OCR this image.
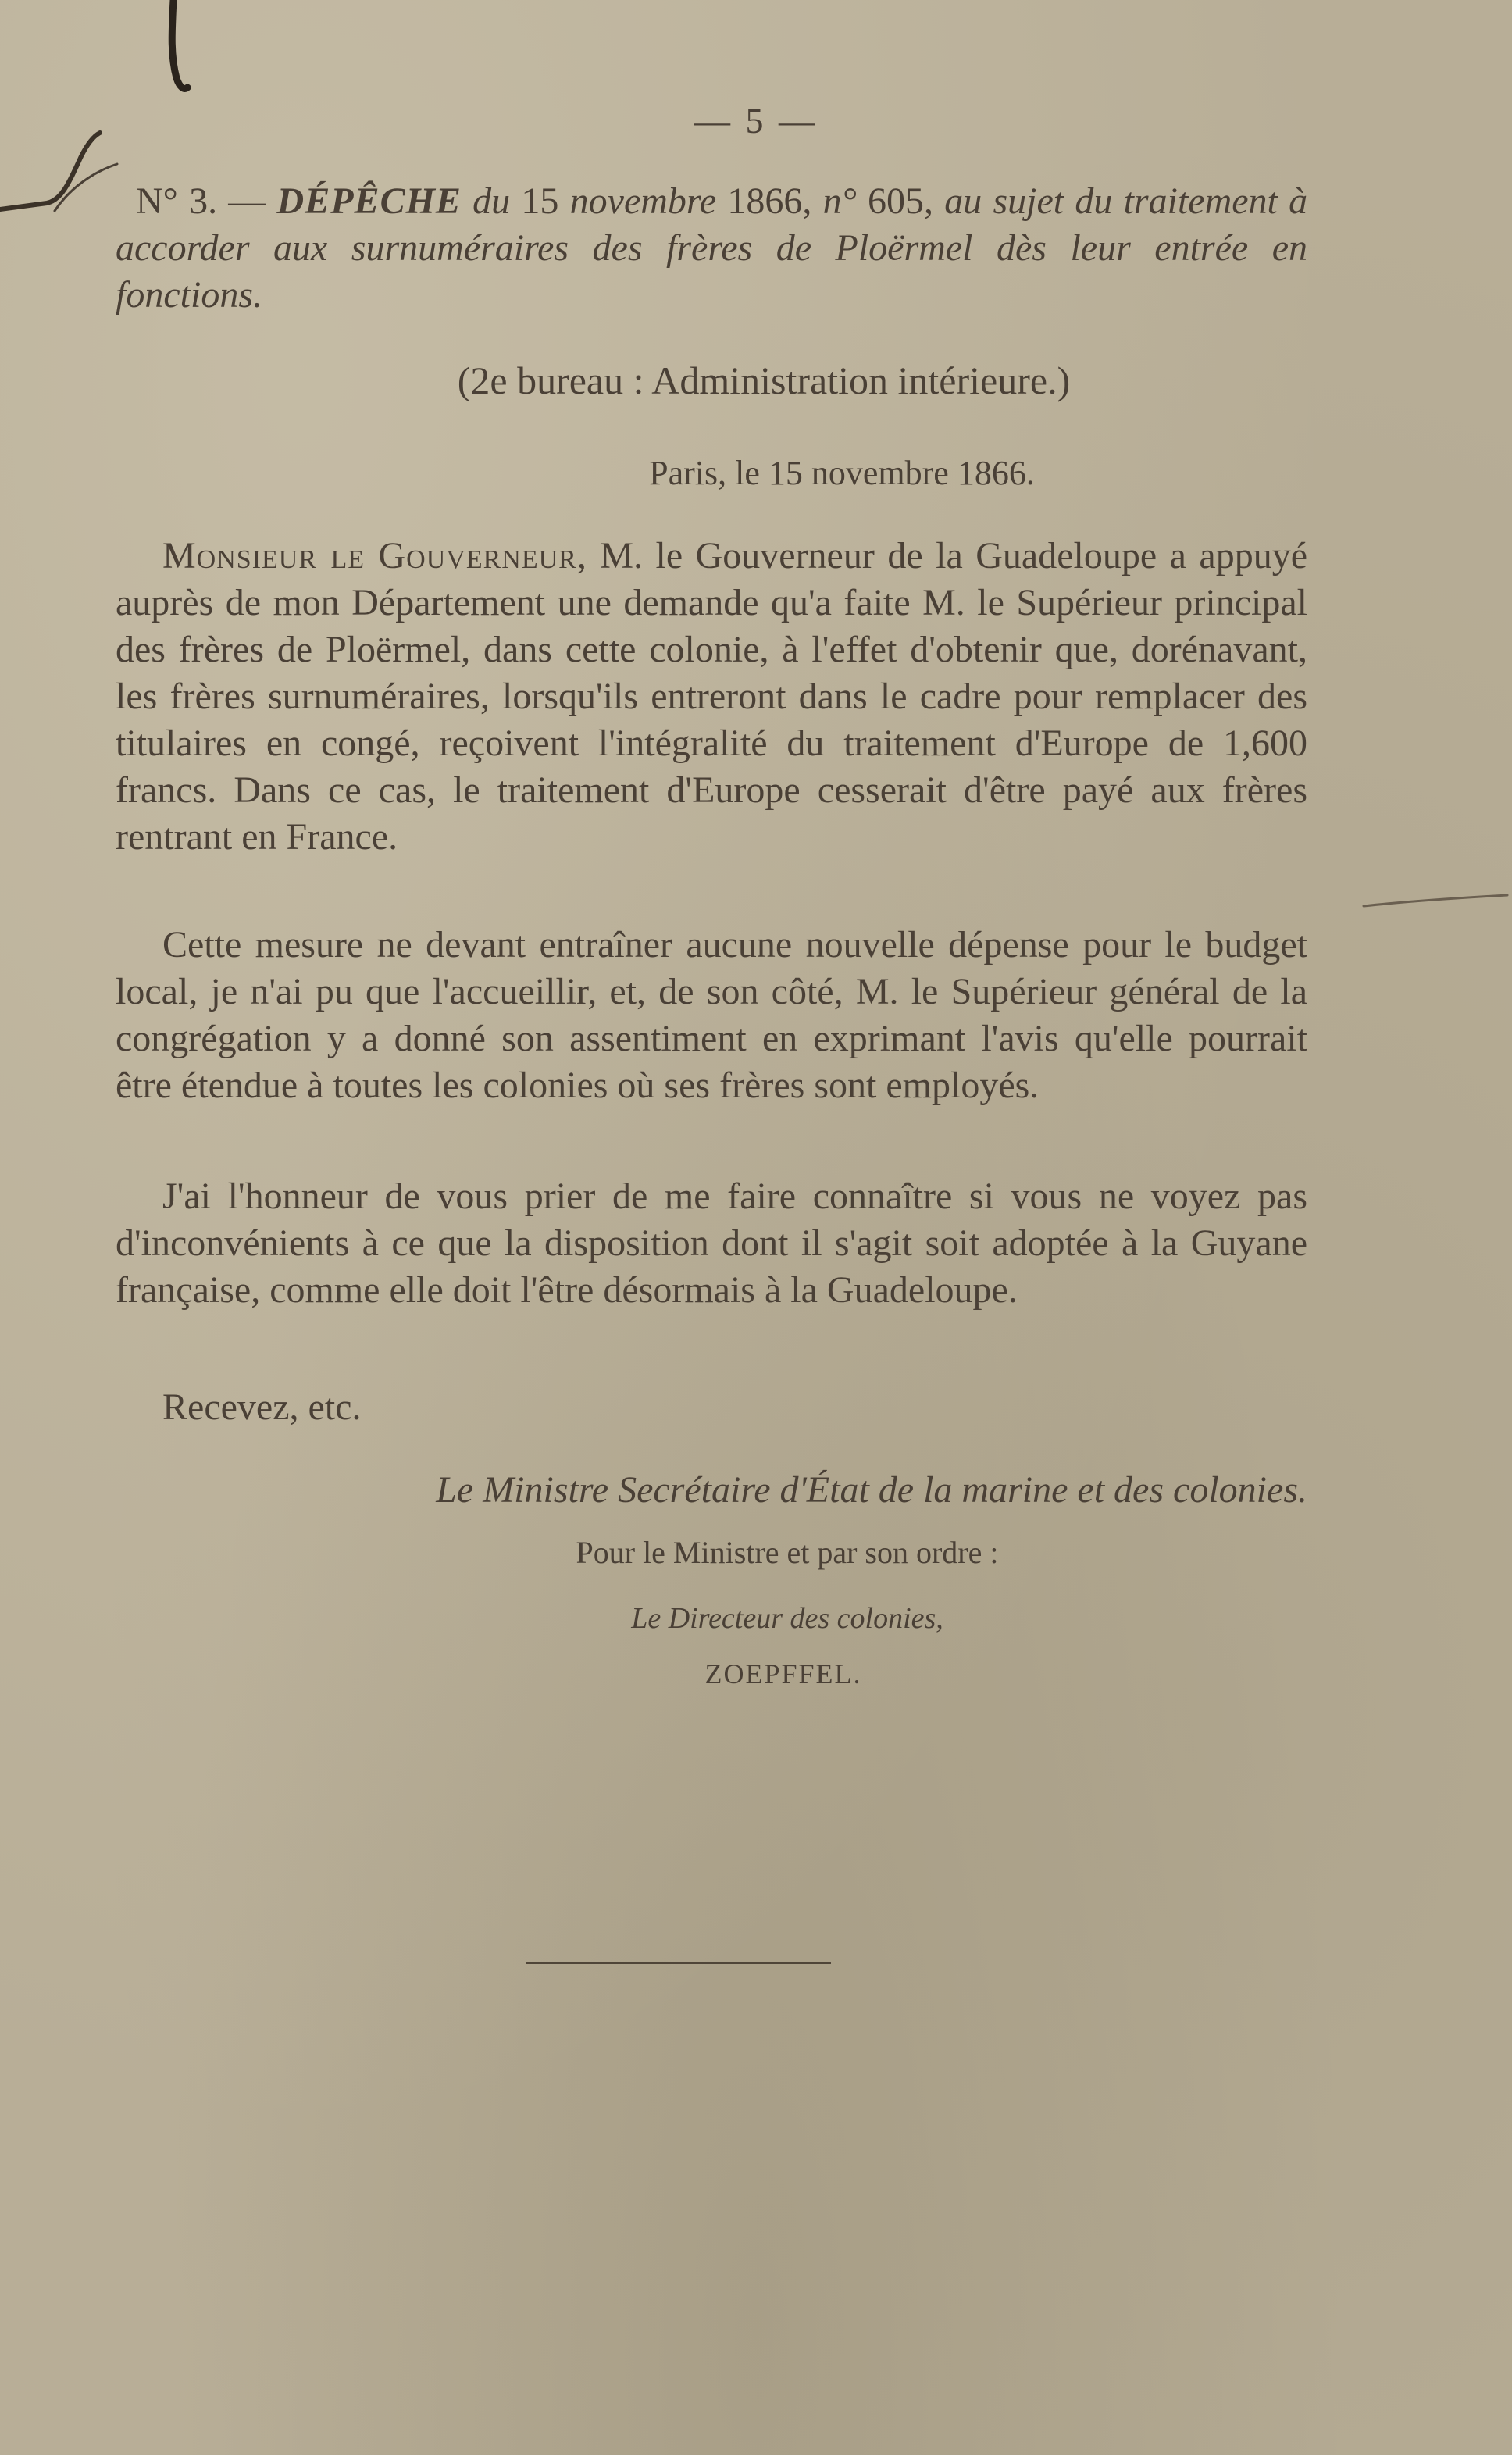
— 5 —
N° 3. — DÉPÊCHE du 15 novembre 1866, n° 605, au sujet du traitement à accorder aux surnuméraires des frères de Ploërmel dès leur entrée en fonctions.
(2e bureau : Administration intérieure.)
Paris, le 15 novembre 1866.
Monsieur le Gouverneur, M. le Gouverneur de la Guadeloupe a appuyé auprès de mon Département une demande qu'a faite M. le Supérieur principal des frères de Ploërmel, dans cette colonie, à l'effet d'obtenir que, dorénavant, les frères surnuméraires, lorsqu'ils entreront dans le cadre pour remplacer des titulaires en congé, reçoivent l'intégralité du traitement d'Europe de 1,600 francs. Dans ce cas, le traitement d'Europe cesserait d'être payé aux frères rentrant en France.
Cette mesure ne devant entraîner aucune nouvelle dépense pour le budget local, je n'ai pu que l'accueillir, et, de son côté, M. le Supérieur général de la congrégation y a donné son assentiment en exprimant l'avis qu'elle pourrait être étendue à toutes les colonies où ses frères sont employés.
J'ai l'honneur de vous prier de me faire connaître si vous ne voyez pas d'inconvénients à ce que la disposition dont il s'agit soit adoptée à la Guyane française, comme elle doit l'être désormais à la Guadeloupe.
Recevez, etc.
Le Ministre Secrétaire d'État de la marine et des colonies.
Pour le Ministre et par son ordre :
Le Directeur des colonies,
ZOEPFFEL.
